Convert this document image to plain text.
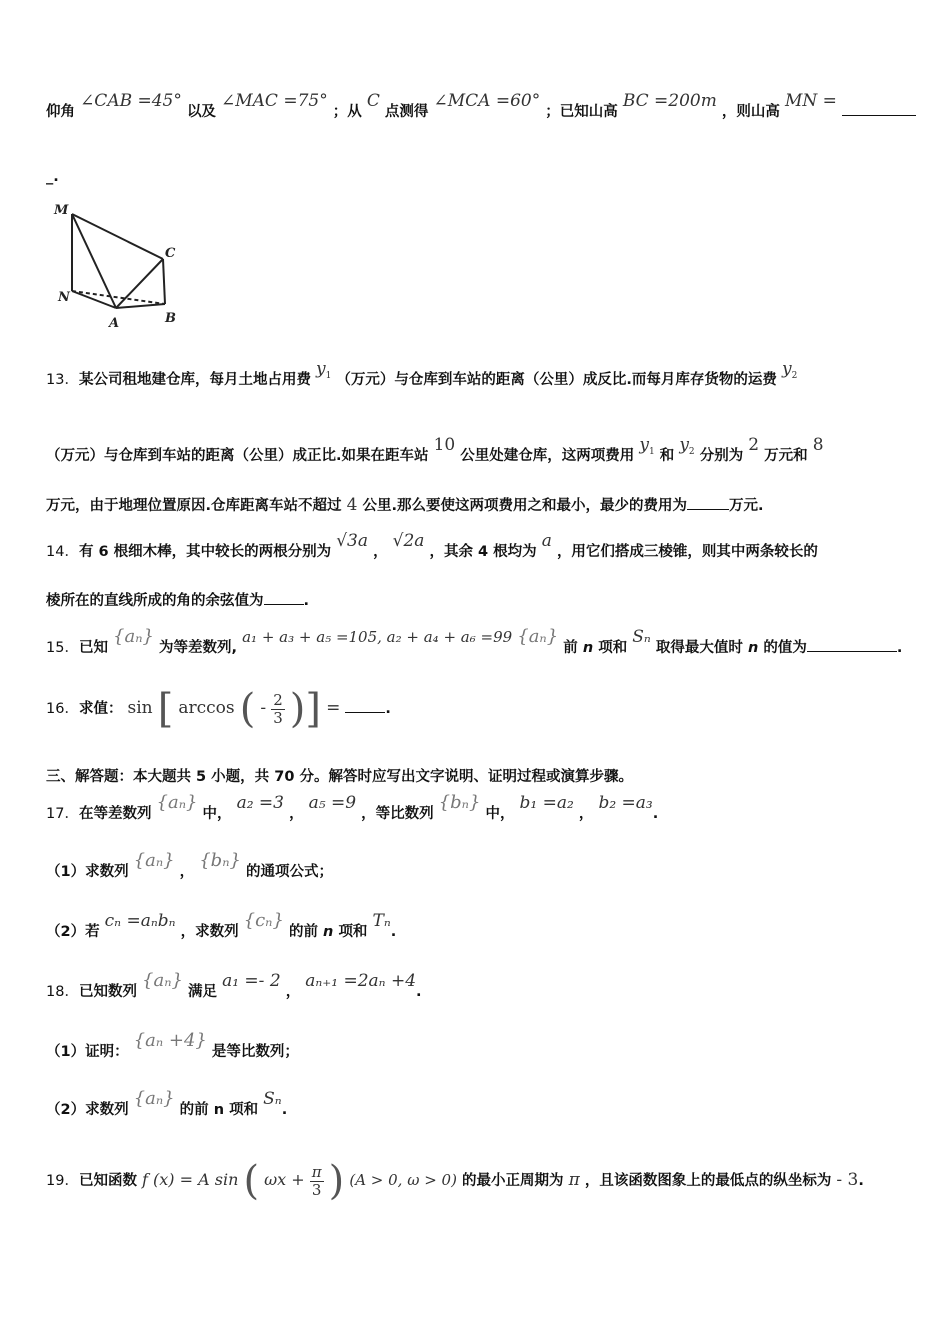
仰角 ∠CAB =45° 以及 ∠MAC =75° ；从 C 点测得 ∠MCA =60° ；已知山高 BC =200m ，则山高 MN =
_.
M
N
A	B
C
13．某公司租地建仓库，每月土地占用费 $y^1$ （万元）与仓库到车站的距离（公里）成反比.而每月库存货物的运费 $y^2$
（万元）与仓库到车站的距离（公里）成正比.如果在距车站 10 公里处建仓库，这两项费用 $y^1$ 和 $y^2$ 分别为 2 万元和 8
万元，由于地理位置原因.仓库距离车站不超过 4 公里.那么要使这两项费用之和最小，最少的费用为	万元.
14．有 6 根细木棒，其中较长的两根分别为 √3a ， √2a ，其余 4 根均为 a ，用它们搭成三棱锥，则其中两条较长的
棱所在的直线所成的角的余弦值为	.
15．已知 {aₙ} 为等差数列, a₁ + a₃ + a₅ =105, a₂ + a₄ + a₆ =99 {aₙ} 前 n 项和 Sₙ 取得最大值时 n 的值为	.
16．求值： sin [ arccos ( - $\frac{2}{3}$ )] =	.
三、解答题：本大题共 5 小题，共 70 分。解答时应写出文字说明、证明过程或演算步骤。
17．在等差数列 {aₙ} 中， a₂ =3 ， a₅ =9 ，等比数列 {bₙ} 中， b₁ =a₂ ， b₂ =a₃.
（1）求数列 {aₙ} ， {bₙ} 的通项公式；
（2）若 cₙ =aₙbₙ ，求数列 {cₙ} 的前 n 项和 Tₙ.
18．已知数列 {aₙ} 满足 a₁ =- 2 ， aₙ₊₁ =2aₙ +4.
（1）证明： {aₙ +4} 是等比数列；
（2）求数列 {aₙ} 的前 n 项和 Sₙ.
19．已知函数 f (x) = A sin ( $\omega x + \frac{\pi}{3}$ ) (A > 0, ω > 0) 的最小正周期为 π ，且该函数图象上的最低点的纵坐标为 - 3.
